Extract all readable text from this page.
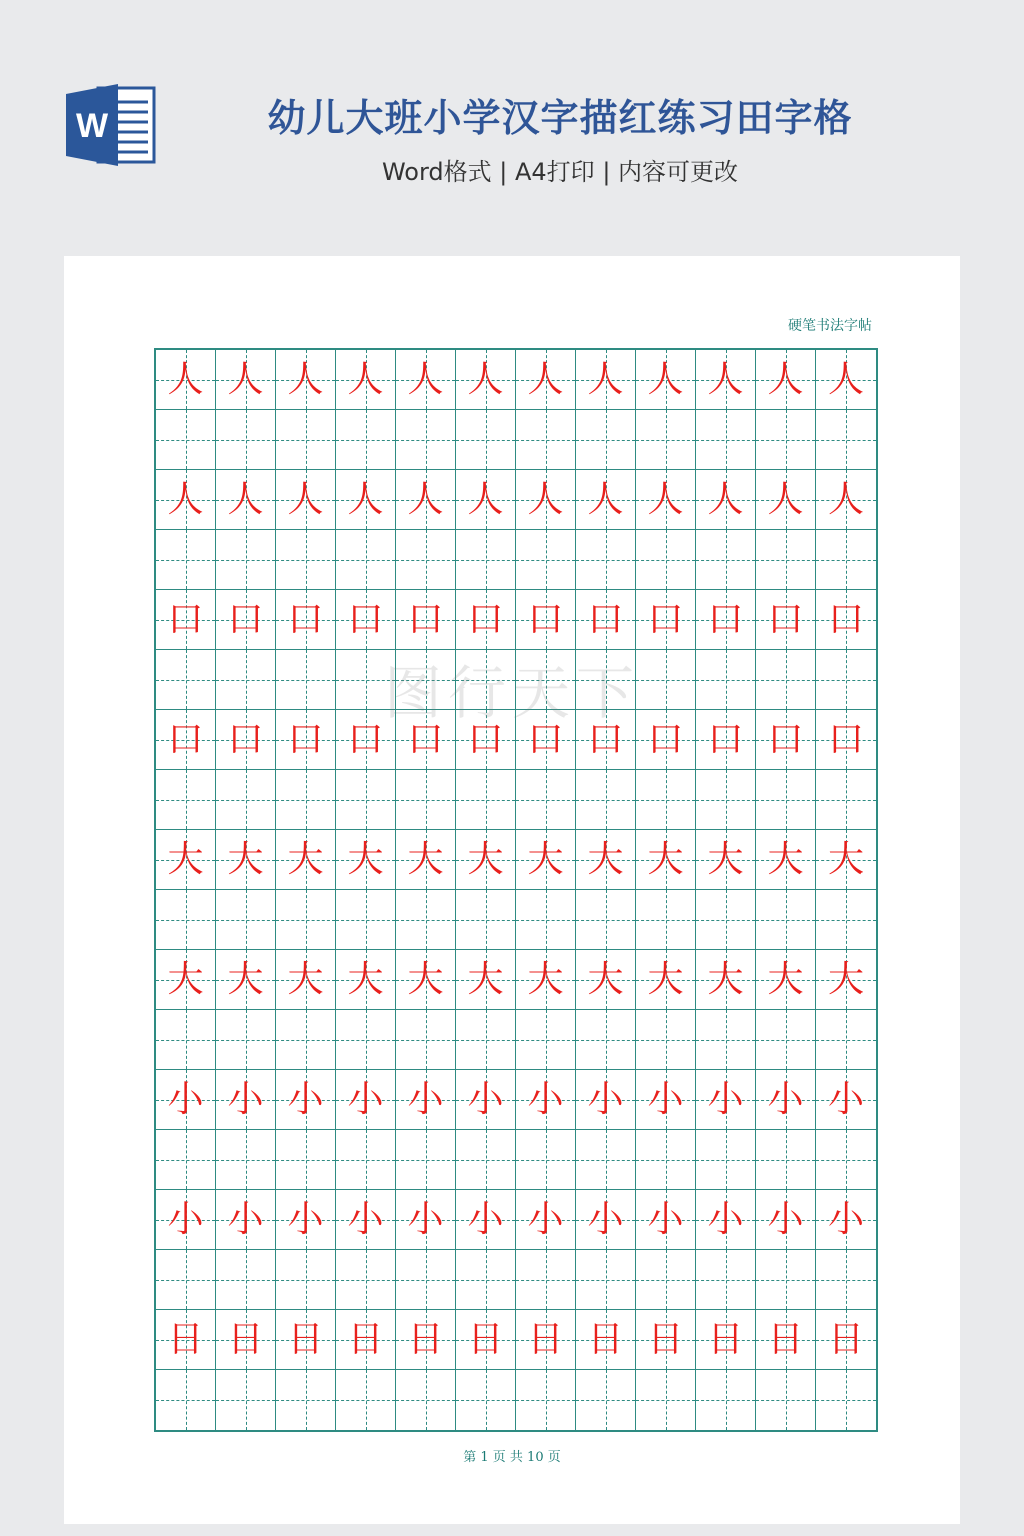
W	幼儿大班小学汉字描红练习田字格
Word格式 | A4打印 | 内容可更改
硬笔书法字帖
人 人 人 人 人 人 人 人 人 人 人 人
人 人 人 人 人 人 人 人 人 人 人 人
口 口 口 口 口 口 口 口 口 口 口 口
口 口 口 口 口 口 口 口 口 口 口 口
大 大 大 大 大 大 大 大 大 大 大 大
大 大 大 大 大 大 大 大 大 大 大 大
小 小 小 小 小 小 小 小 小 小 小 小
小 小 小 小 小 小 小 小 小 小 小 小
日 日 日 日 日 日 日 日 日 日 日 日
图行天下
第 1 页 共 10 页
